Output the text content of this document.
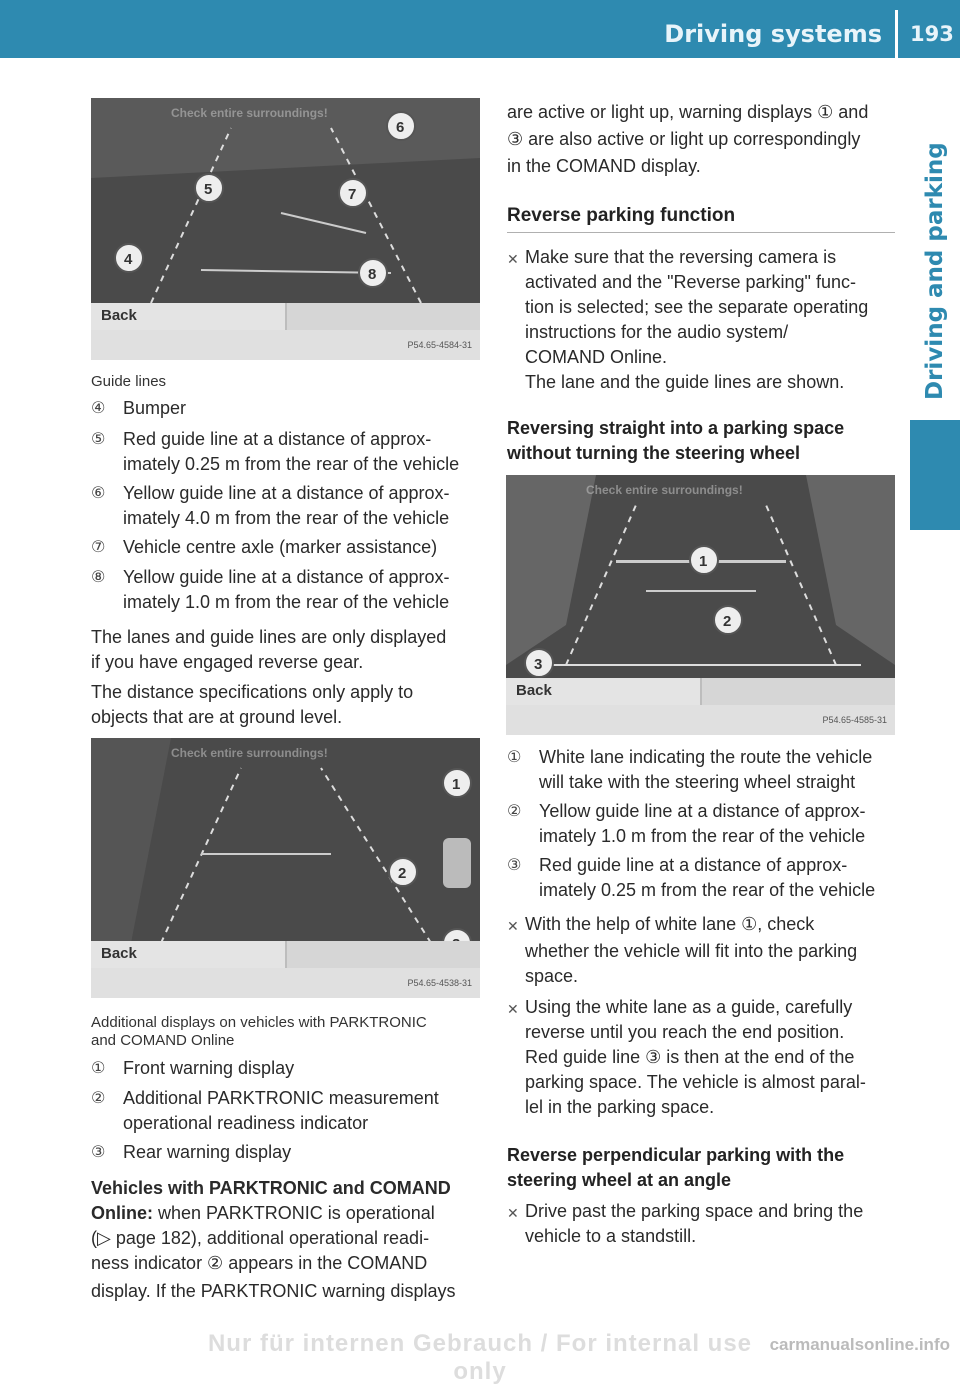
Driving systems 193
Driving and parking
4
5
6
7
8
Check entire surroundings!
Back
P54.65-4584-31
Guide lines
④ Bumper
⑤ Red guide line at a distance of approx-
imately 0.25 m from the rear of the vehicle
⑥ Yellow guide line at a distance of approx-
imately 4.0 m from the rear of the vehicle
⑦ Vehicle centre axle (marker assistance)
⑧ Yellow guide line at a distance of approx-
imately 1.0 m from the rear of the vehicle
The lanes and guide lines are only displayed
if you have engaged reverse gear.
The distance specifications only apply to
objects that are at ground level.
1
2
Check entire surroundings!
Back
P54.65-4538-31
Additional displays on vehicles with PARKTRONIC
and COMAND Online
① Front warning display
② Additional PARKTRONIC measurement
operational readiness indicator
③ Rear warning display
Vehicles with PARKTRONIC and COMAND
Online: when PARKTRONIC is operational
(▷ page 182), additional operational readi-
ness indicator ② appears in the COMAND
display. If the PARKTRONIC warning displays
are active or light up, warning displays ① and
③ are also active or light up correspondingly
in the COMAND display.
Reverse parking function
✕ Make sure that the reversing camera is
activated and the "Reverse parking" func-
tion is selected; see the separate operating
instructions for the audio system/
COMAND Online.
The lane and the guide lines are shown.
Reversing straight into a parking space
without turning the steering wheel
1
2
3
Check entire surroundings!
Back
P54.65-4585-31
① White lane indicating the route the vehicle
will take with the steering wheel straight
② Yellow guide line at a distance of approx-
imately 1.0 m from the rear of the vehicle
③ Red guide line at a distance of approx-
imately 0.25 m from the rear of the vehicle
✕ With the help of white lane ①, check
whether the vehicle will fit into the parking
space.
✕ Using the white lane as a guide, carefully
reverse until you reach the end position.
Red guide line ③ is then at the end of the
parking space. The vehicle is almost paral-
lel in the parking space.
Reverse perpendicular parking with the
steering wheel at an angle
✕ Drive past the parking space and bring the
vehicle to a standstill.
Nur für internen Gebrauch / For internal use only
carmanualsonline.info
